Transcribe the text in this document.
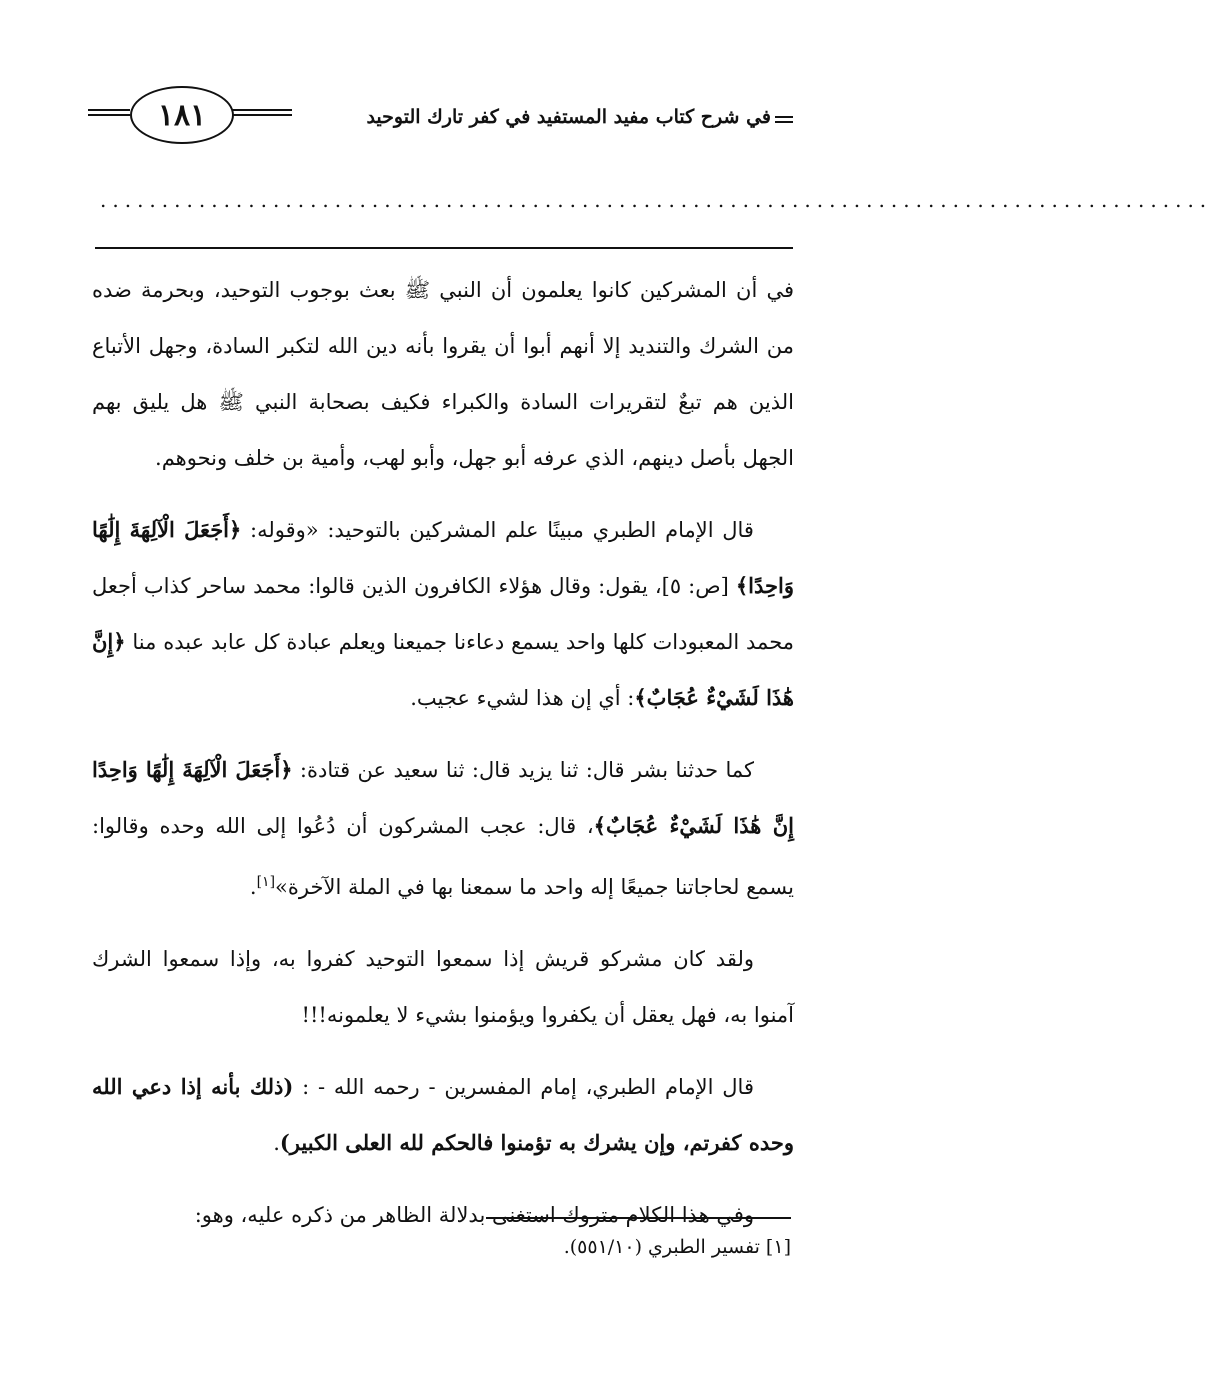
١٨١	في شرح كتاب مفيد المستفيد في كفر تارك التوحيد
..........................................................................................

في أن المشركين كانوا يعلمون أن النبي ﷺ بعث بوجوب التوحيد، وبحرمة ضده من الشرك والتنديد إلا أنهم أبوا أن يقروا بأنه دين الله لتكبر السادة، وجهل الأتباع الذين هم تبعٌ لتقريرات السادة والكبراء فكيف بصحابة النبي ﷺ هل يليق بهم الجهل بأصل دينهم، الذي عرفه أبو جهل، وأبو لهب، وأمية بن خلف ونحوهم.

قال الإمام الطبري مبينًا علم المشركين بالتوحيد: «وقوله: ﴿أَجَعَلَ الْآلِهَةَ إِلَٰهًا وَاحِدًا﴾ [ص: ٥]، يقول: وقال هؤلاء الكافرون الذين قالوا: محمد ساحر كذاب أجعل محمد المعبودات كلها واحد يسمع دعاءنا جميعنا ويعلم عبادة كل عابد عبده منا ﴿إِنَّ هَٰذَا لَشَيْءٌ عُجَابٌ﴾: أي إن هذا لشيء عجيب.

كما حدثنا بشر قال: ثنا يزيد قال: ثنا سعيد عن قتادة: ﴿أَجَعَلَ الْآلِهَةَ إِلَٰهًا وَاحِدًا إِنَّ هَٰذَا لَشَيْءٌ عُجَابٌ﴾، قال: عجب المشركون أن دُعُوا إلى الله وحده وقالوا: يسمع لحاجاتنا جميعًا إله واحد ما سمعنا بها في الملة الآخرة»[١].

ولقد كان مشركو قريش إذا سمعوا التوحيد كفروا به، وإذا سمعوا الشرك آمنوا به، فهل يعقل أن يكفروا ويؤمنوا بشيء لا يعلمونه!!!

قال الإمام الطبري، إمام المفسرين - رحمه الله - : (ذلك بأنه إذا دعي الله وحده كفرتم، وإن يشرك به تؤمنوا فالحكم لله العلى الكبير).

وفي هذا الكلام متروك استغنى بدلالة الظاهر من ذكره عليه، وهو:

[١] تفسير الطبري (٥٥١/١٠).
